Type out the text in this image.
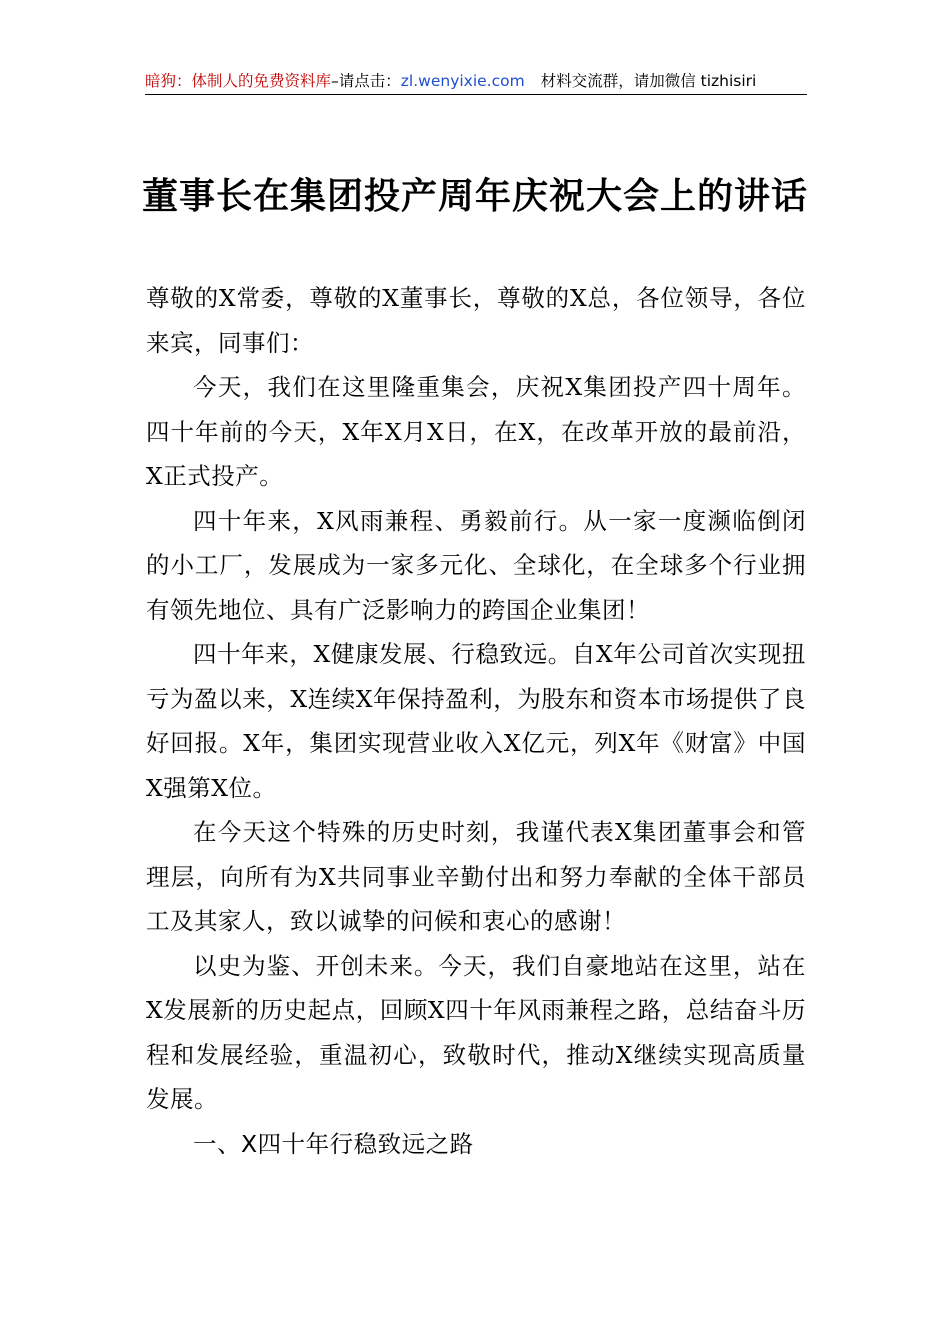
暗狗：体制人的免费资料库–请点击：zl.wenyixie.com 材料交流群，请加微信 tizhisiri
董事长在集团投产周年庆祝大会上的讲话

尊敬的X常委，尊敬的X董事长，尊敬的X总，各位领导，各位来宾，同事们：

今天，我们在这里隆重集会，庆祝X集团投产四十周年。四十年前的今天，X年X月X日，在X，在改革开放的最前沿，X正式投产。

四十年来，X风雨兼程、勇毅前行。从一家一度濒临倒闭的小工厂，发展成为一家多元化、全球化，在全球多个行业拥有领先地位、具有广泛影响力的跨国企业集团！

四十年来，X健康发展、行稳致远。自X年公司首次实现扭亏为盈以来，X连续X年保持盈利，为股东和资本市场提供了良好回报。X年，集团实现营业收入X亿元，列X年《财富》中国X强第X位。

在今天这个特殊的历史时刻，我谨代表X集团董事会和管理层，向所有为X共同事业辛勤付出和努力奉献的全体干部员工及其家人，致以诚挚的问候和衷心的感谢！

以史为鉴、开创未来。今天，我们自豪地站在这里，站在X发展新的历史起点，回顾X四十年风雨兼程之路，总结奋斗历程和发展经验，重温初心，致敬时代，推动X继续实现高质量发展。

一、X四十年行稳致远之路
